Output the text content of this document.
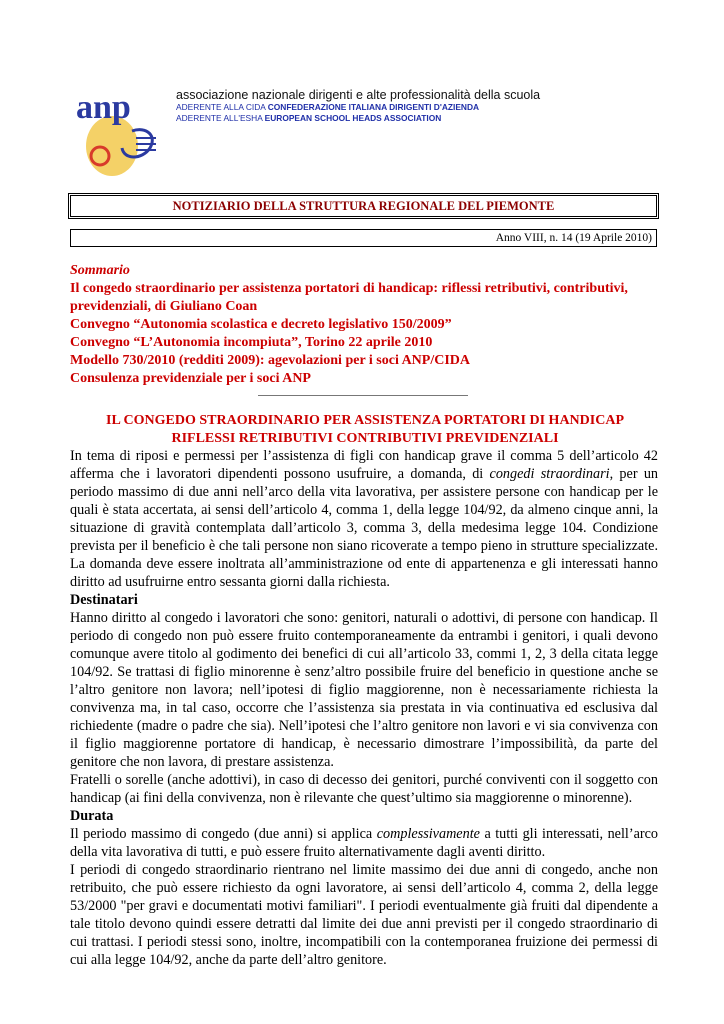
anp	associazione nazionale dirigenti e alte professionalità della scuola
ADERENTE ALLA CIDA CONFEDERAZIONE ITALIANA DIRIGENTI D'AZIENDA
ADERENTE ALL'ESHA EUROPEAN SCHOOL HEADS ASSOCIATION
NOTIZIARIO DELLA STRUTTURA REGIONALE DEL PIEMONTE
Anno VIII, n. 14 (19 Aprile 2010)
Sommario
Il congedo straordinario per assistenza portatori di handicap: riflessi retributivi, contributivi, previdenziali, di Giuliano Coan
Convegno “Autonomia scolastica e decreto legislativo 150/2009”
Convegno “L’Autonomia incompiuta”, Torino 22 aprile 2010
Modello 730/2010 (redditi 2009): agevolazioni per i soci ANP/CIDA
Consulenza previdenziale per i soci ANP
IL CONGEDO STRAORDINARIO PER ASSISTENZA PORTATORI DI HANDICAP
RIFLESSI RETRIBUTIVI CONTRIBUTIVI PREVIDENZIALI

In tema di riposi e permessi per l’assistenza di figli con handicap grave il comma 5 dell’articolo 42 afferma che i lavoratori dipendenti possono usufruire, a domanda, di congedi straordinari, per un periodo massimo di due anni nell’arco della vita lavorativa, per assistere persone con handicap per le quali è stata accertata, ai sensi dell’articolo 4, comma 1, della legge 104/92, da almeno cinque anni, la situazione di gravità contemplata dall’articolo 3, comma 3, della medesima legge 104. Condizione prevista per il beneficio è che tali persone non siano ricoverate a tempo pieno in strutture specializzate. La domanda deve essere inoltrata all’amministrazione od ente di appartenenza e gli interessati hanno diritto ad usufruirne entro sessanta giorni dalla richiesta.

Destinatari

Hanno diritto al congedo i lavoratori che sono: genitori, naturali o adottivi, di persone con handicap. Il periodo di congedo non può essere fruito contemporaneamente da entrambi i genitori, i quali devono comunque avere titolo al godimento dei benefici di cui all’articolo 33, commi 1, 2, 3 della citata legge 104/92. Se trattasi di figlio minorenne è senz’altro possibile fruire del beneficio in questione anche se l’altro genitore non lavora; nell’ipotesi di figlio maggiorenne, non è necessariamente richiesta la convivenza ma, in tal caso, occorre che l’assistenza sia prestata in via continuativa ed esclusiva dal richiedente (madre o padre che sia). Nell’ipotesi che l’altro genitore non lavori e vi sia convivenza con il figlio maggiorenne portatore di handicap, è necessario dimostrare l’impossibilità, da parte del genitore che non lavora, di prestare assistenza.

Fratelli o sorelle (anche adottivi), in caso di decesso dei genitori, purché conviventi con il soggetto con handicap (ai fini della convivenza, non è rilevante che quest’ultimo sia maggiorenne o minorenne).

Durata

Il periodo massimo di congedo (due anni) si applica complessivamente a tutti gli interessati, nell’arco della vita lavorativa di tutti, e può essere fruito alternativamente dagli aventi diritto.

I periodi di congedo straordinario rientrano nel limite massimo dei due anni di congedo, anche non retribuito, che può essere richiesto da ogni lavoratore, ai sensi dell’articolo 4, comma 2, della legge 53/2000 "per gravi e documentati motivi familiari". I periodi eventualmente già fruiti dal dipendente a tale titolo devono quindi essere detratti dal limite dei due anni previsti per il congedo straordinario di cui trattasi. I periodi stessi sono, inoltre, incompatibili con la contemporanea fruizione dei permessi di cui alla legge 104/92, anche da parte dell’altro genitore.
